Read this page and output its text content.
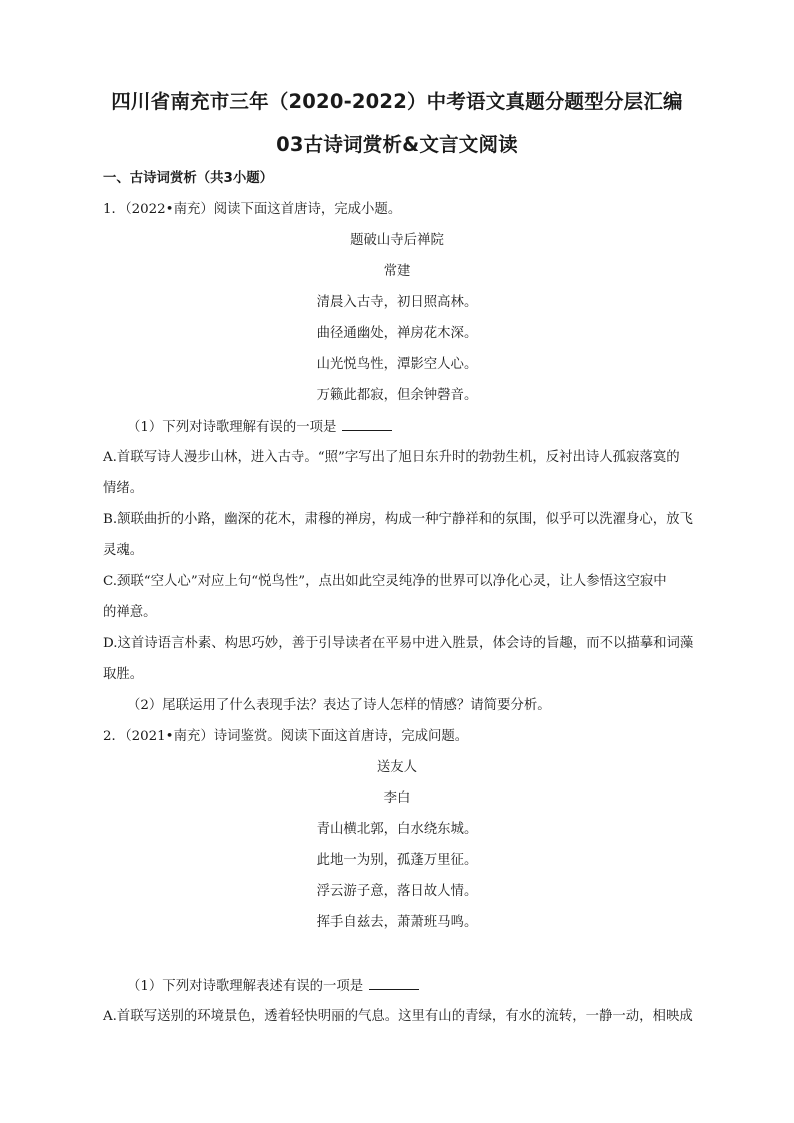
四川省南充市三年（2020-2022）中考语文真题分题型分层汇编
03古诗词赏析&文言文阅读
一、古诗词赏析（共3小题）
1．（2022•南充）阅读下面这首唐诗，完成小题。
题破山寺后禅院
常建
清晨入古寺，初日照高林。
曲径通幽处，禅房花木深。
山光悦鸟性，潭影空人心。
万籁此都寂，但余钟磬音。
（1）下列对诗歌理解有误的一项是
A.首联写诗人漫步山林，进入古寺。“照”字写出了旭日东升时的勃勃生机，反衬出诗人孤寂落寞的
情绪。
B.颔联曲折的小路，幽深的花木，肃穆的禅房，构成一种宁静祥和的氛围，似乎可以洗濯身心，放飞
灵魂。
C.颈联“空人心”对应上句“悦鸟性”，点出如此空灵纯净的世界可以净化心灵，让人参悟这空寂中
的禅意。
D.这首诗语言朴素、构思巧妙，善于引导读者在平易中进入胜景，体会诗的旨趣，而不以描摹和词藻
取胜。
（2）尾联运用了什么表现手法？表达了诗人怎样的情感？请简要分析。
2．（2021•南充）诗词鉴赏。阅读下面这首唐诗，完成问题。
送友人
李白
青山横北郭，白水绕东城。
此地一为别，孤蓬万里征。
浮云游子意，落日故人情。
挥手自兹去，萧萧班马鸣。
（1）下列对诗歌理解表述有误的一项是
A.首联写送别的环境景色，透着轻快明丽的气息。这里有山的青绿，有水的流转，一静一动，相映成
